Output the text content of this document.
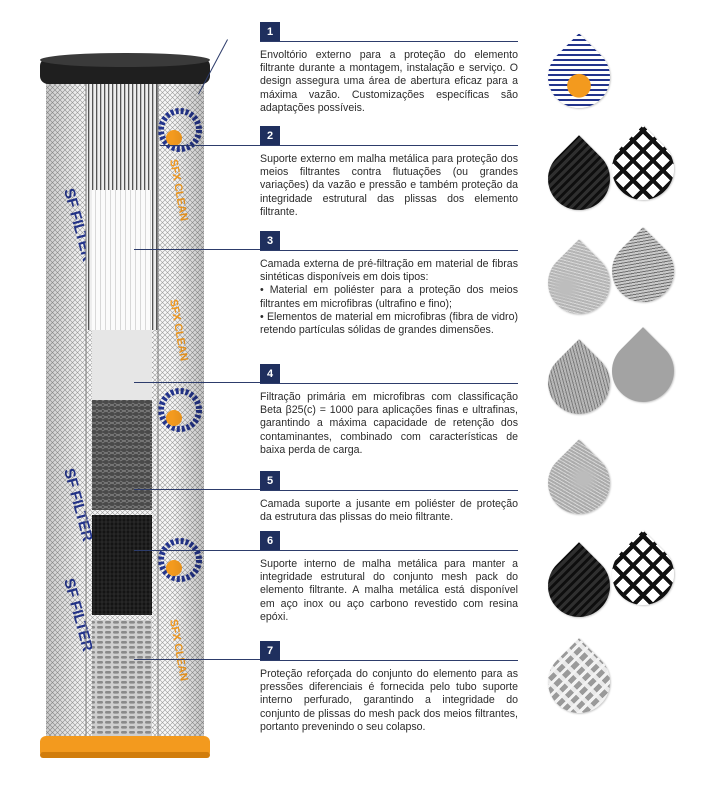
1

Envoltório externo para a proteção do elemento filtrante durante a montagem, instalação e serviço. O design assegura uma área de abertura eficaz para a máxima vazão. Customizações específicas são adaptações possíveis.

2

Suporte externo em malha metálica para proteção dos meios filtrantes contra flutuações (ou grandes variações) da vazão e pressão e também proteção da integridade estrutural das plissas dos elemento filtrante.

3

Camada externa de pré-filtração em material de fibras sintéticas disponíveis em dois tipos:

• Material em poliéster para a proteção dos meios filtrantes em microfibras (ultrafino e fino);

• Elementos de material em microfibras (fibra de vidro) retendo partículas sólidas de grandes dimensões.

4

Filtração primária em microfibras com classificação Beta β25(c) = 1000 para aplicações finas e ultrafinas, garantindo a máxima capacidade de retenção dos contaminantes, combinado com características de baixa perda de carga.

5

Camada suporte a jusante em poliéster de proteção da estrutura das plissas do meio filtrante.

6

Suporte interno de malha metálica para manter a integridade estrutural do conjunto mesh pack do elemento filtrante. A malha metálica está disponível em aço inox ou aço carbono revestido com resina epóxi.

7

Proteção reforçada do conjunto do elemento para as pressões diferenciais é fornecida pelo tubo suporte interno perfurado, garantindo a integridade do conjunto de plissas do mesh pack dos meios filtrantes, portanto prevenindo o seu colapso.
